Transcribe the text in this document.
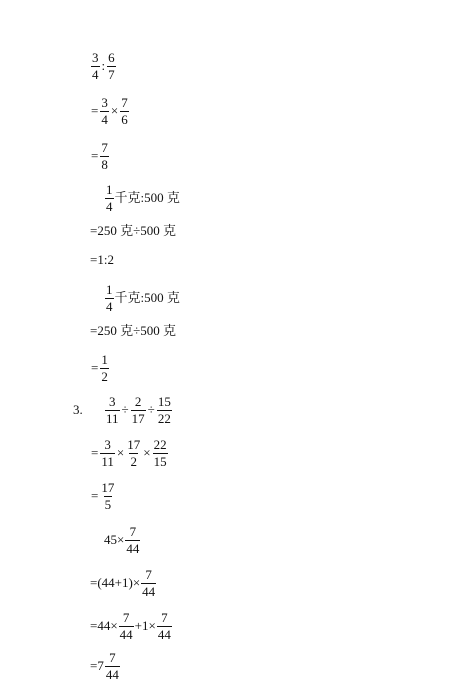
$\frac{3}{4}$ : $\frac{6}{7}$
= $\frac{3}{4} \times \frac{7}{6}$
= $\frac{7}{8}$
$\frac{1}{4}$ 千克:500 克
=250 克÷500 克
=1:2
$\frac{1}{4}$ 千克:500 克
=250 克÷500 克
= $\frac{1}{2}$
3. $\frac{3}{11} \div \frac{2}{17} \div \frac{15}{22}$
= $\frac{3}{11} \times \frac{17}{2} \times \frac{22}{15}$
= $\frac{17}{5}$
$45\times \frac{7}{44}$
$=(44+1)\times \frac{7}{44}$
$=44\times \frac{7}{44} +1\times \frac{7}{44}$
$=7 \frac{7}{44}$
